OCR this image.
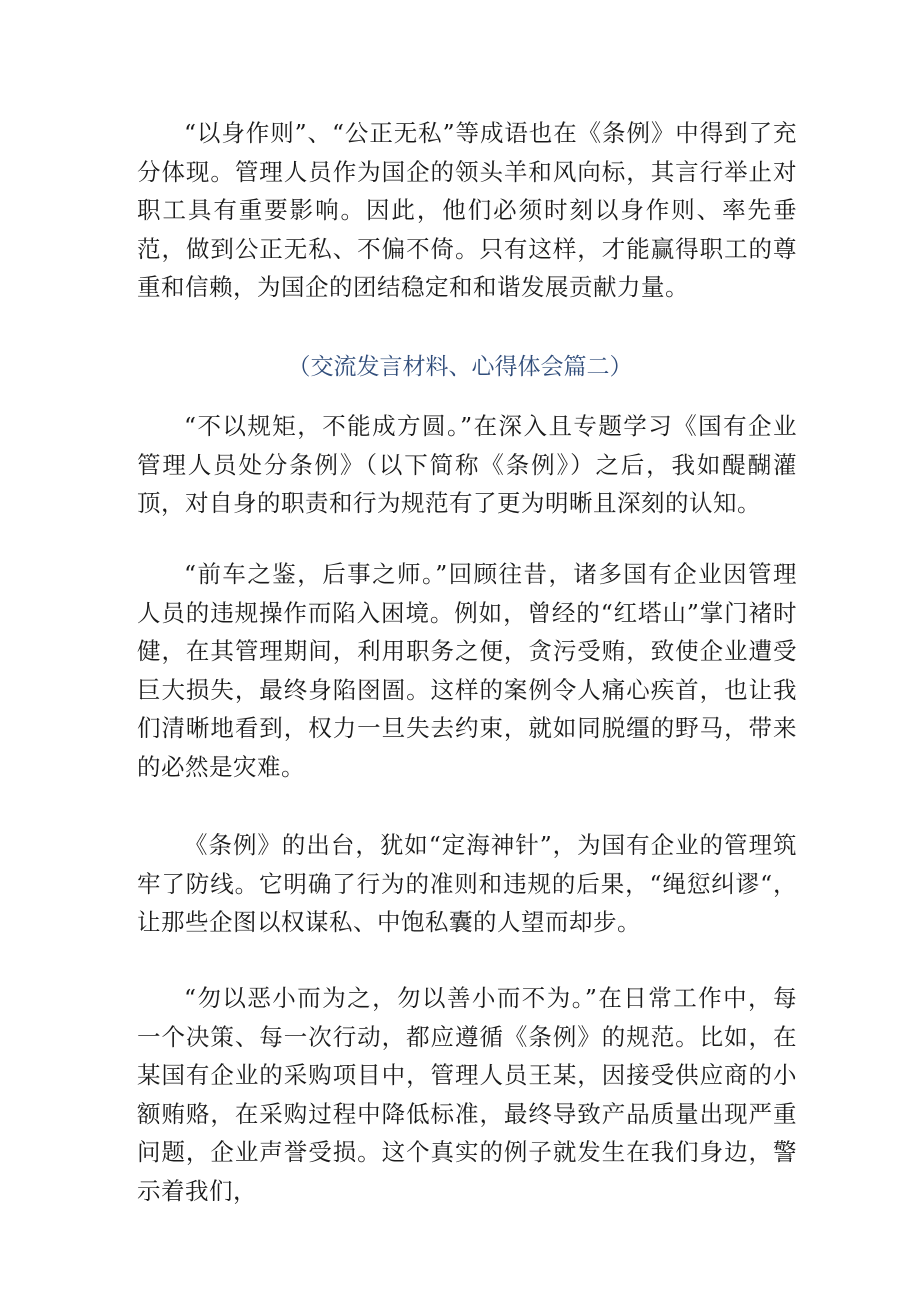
“以身作则”、“公正无私”等成语也在《条例》中得到了充分体现。管理人员作为国企的领头羊和风向标，其言行举止对职工具有重要影响。因此，他们必须时刻以身作则、率先垂范，做到公正无私、不偏不倚。只有这样，才能赢得职工的尊重和信赖，为国企的团结稳定和和谐发展贡献力量。

（交流发言材料、心得体会篇二）

“不以规矩，不能成方圆。”在深入且专题学习《国有企业管理人员处分条例》（以下简称《条例》）之后，我如醍醐灌顶，对自身的职责和行为规范有了更为明晰且深刻的认知。

“前车之鉴，后事之师。”回顾往昔，诸多国有企业因管理人员的违规操作而陷入困境。例如，曾经的“红塔山”掌门褚时健，在其管理期间，利用职务之便，贪污受贿，致使企业遭受巨大损失，最终身陷囹圄。这样的案例令人痛心疾首，也让我们清晰地看到，权力一旦失去约束，就如同脱缰的野马，带来的必然是灾难。

《条例》的出台，犹如“定海神针”，为国有企业的管理筑牢了防线。它明确了行为的准则和违规的后果，“绳愆纠谬“，让那些企图以权谋私、中饱私囊的人望而却步。

“勿以恶小而为之，勿以善小而不为。”在日常工作中，每一个决策、每一次行动，都应遵循《条例》的规范。比如，在某国有企业的采购项目中，管理人员王某，因接受供应商的小额贿赂，在采购过程中降低标准，最终导致产品质量出现严重问题，企业声誉受损。这个真实的例子就发生在我们身边，警示着我们，
